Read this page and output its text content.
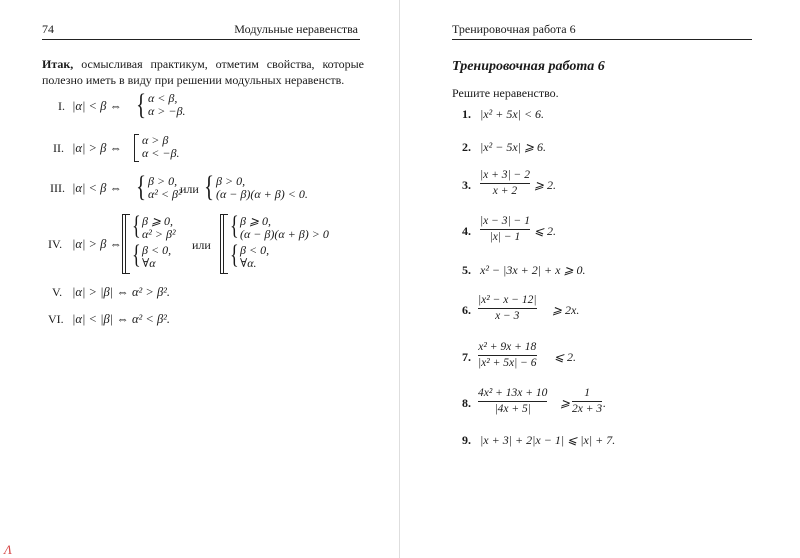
74	Модульные неравенства
Итак, осмысливая практикум, отметим свойства, которые полезно иметь в виду при решении модульных неравенств.
I. |α| < β ⇔ { α < β,
α > −β.
II. |α| > β ⇔
α > β
α < −β.
III. |α| < β ⇔ { β > 0,
α² < β²
или { β > 0,
(α − β)(α + β) < 0.
IV. |α| > β ⇔
{ β ⩾ 0,
α² > β²
{ β < 0,
∀α
или
{ β ⩾ 0,
(α − β)(α + β) > 0
{ β < 0,
∀α.
V. |α| > |β| ⇔ α² > β².
VI. |α| < |β| ⇔ α² < β².
Тренировочная работа 6
Тренировочная работа 6
Решите неравенство.
1. |x² + 5x| < 6.
2. |x² − 5x| ⩾ 6.
3.
|x + 3| − 2
x + 2 ⩾ 2.
4.
|x − 3| − 1
|x| − 1 ⩽ 2.
5. x² − |3x + 2| + x ⩾ 0.
6.
|x² − x − 12|
x − 3	⩾ 2x.
7.
x² + 9x + 18
|x² + 5x| − 6 ⩽ 2.
8.
4x² + 13x + 10
|4x + 5| ⩾
1
2x + 3 .
9. |x + 3| + 2|x − 1| ⩽ |x| + 7.
Λ
